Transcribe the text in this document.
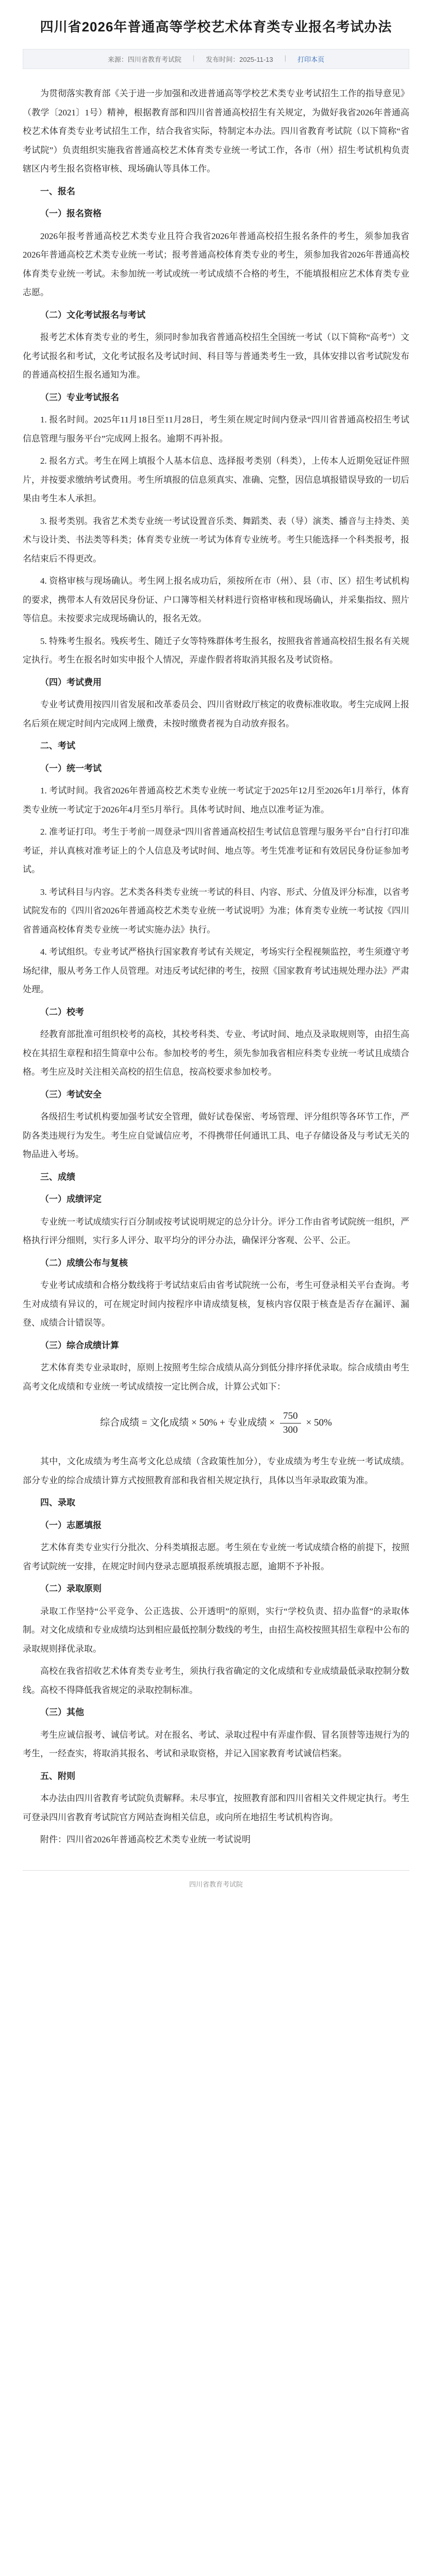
四川省2026年普通高等学校艺术体育类专业报名考试办法
来源：四川省教育考试院 | 发布时间：2025-11-13 | 打印本页

为贯彻落实教育部《关于进一步加强和改进普通高等学校艺术类专业考试招生工作的指导意见》（教学〔2021〕1号）精神，根据教育部和四川省普通高校招生有关规定，为做好我省2026年普通高校艺术体育类专业考试招生工作，结合我省实际，特制定本办法。四川省教育考试院（以下简称“省考试院”）负责组织实施我省普通高校艺术体育类专业统一考试工作，各市（州）招生考试机构负责辖区内考生报名资格审核、现场确认等具体工作。

一、报名

（一）报名资格

2026年报考普通高校艺术类专业且符合我省2026年普通高校招生报名条件的考生，须参加我省2026年普通高校艺术类专业统一考试；报考普通高校体育类专业的考生，须参加我省2026年普通高校体育类专业统一考试。未参加统一考试或统一考试成绩不合格的考生，不能填报相应艺术体育类专业志愿。

（二）文化考试报名与考试

报考艺术体育类专业的考生，须同时参加我省普通高校招生全国统一考试（以下简称“高考”）文化考试报名和考试，文化考试报名及考试时间、科目等与普通类考生一致，具体安排以省考试院发布的普通高校招生报名通知为准。

（三）专业考试报名

1. 报名时间。2025年11月18日至11月28日，考生须在规定时间内登录“四川省普通高校招生考试信息管理与服务平台”完成网上报名。逾期不再补报。

2. 报名方式。考生在网上填报个人基本信息、选择报考类别（科类），上传本人近期免冠证件照片，并按要求缴纳考试费用。考生所填报的信息须真实、准确、完整，因信息填报错误导致的一切后果由考生本人承担。

3. 报考类别。我省艺术类专业统一考试设置音乐类、舞蹈类、表（导）演类、播音与主持类、美术与设计类、书法类等科类；体育类专业统一考试为体育专业统考。考生只能选择一个科类报考，报名结束后不得更改。

4. 资格审核与现场确认。考生网上报名成功后，须按所在市（州）、县（市、区）招生考试机构的要求，携带本人有效居民身份证、户口簿等相关材料进行资格审核和现场确认，并采集指纹、照片等信息。未按要求完成现场确认的，报名无效。

5. 特殊考生报名。残疾考生、随迁子女等特殊群体考生报名，按照我省普通高校招生报名有关规定执行。考生在报名时如实申报个人情况，弄虚作假者将取消其报名及考试资格。

（四）考试费用

专业考试费用按四川省发展和改革委员会、四川省财政厅核定的收费标准收取。考生完成网上报名后须在规定时间内完成网上缴费，未按时缴费者视为自动放弃报名。

二、考试

（一）统一考试

1. 考试时间。我省2026年普通高校艺术类专业统一考试定于2025年12月至2026年1月举行，体育类专业统一考试定于2026年4月至5月举行。具体考试时间、地点以准考证为准。

2. 准考证打印。考生于考前一周登录“四川省普通高校招生考试信息管理与服务平台”自行打印准考证，并认真核对准考证上的个人信息及考试时间、地点等。考生凭准考证和有效居民身份证参加考试。

3. 考试科目与内容。艺术类各科类专业统一考试的科目、内容、形式、分值及评分标准，以省考试院发布的《四川省2026年普通高校艺术类专业统一考试说明》为准；体育类专业统一考试按《四川省普通高校体育类专业统一考试实施办法》执行。

4. 考试组织。专业考试严格执行国家教育考试有关规定，考场实行全程视频监控，考生须遵守考场纪律，服从考务工作人员管理。对违反考试纪律的考生，按照《国家教育考试违规处理办法》严肃处理。

（二）校考

经教育部批准可组织校考的高校，其校考科类、专业、考试时间、地点及录取规则等，由招生高校在其招生章程和招生简章中公布。参加校考的考生，须先参加我省相应科类专业统一考试且成绩合格。考生应及时关注相关高校的招生信息，按高校要求参加校考。

（三）考试安全

各级招生考试机构要加强考试安全管理，做好试卷保密、考场管理、评分组织等各环节工作，严防各类违规行为发生。考生应自觉诚信应考，不得携带任何通讯工具、电子存储设备及与考试无关的物品进入考场。

三、成绩

（一）成绩评定

专业统一考试成绩实行百分制或按考试说明规定的总分计分。评分工作由省考试院统一组织，严格执行评分细则，实行多人评分、取平均分的评分办法，确保评分客观、公平、公正。

（二）成绩公布与复核

专业考试成绩和合格分数线将于考试结束后由省考试院统一公布，考生可登录相关平台查询。考生对成绩有异议的，可在规定时间内按程序申请成绩复核，复核内容仅限于核查是否存在漏评、漏登、成绩合计错误等。

（三）综合成绩计算

艺术体育类专业录取时，原则上按照考生综合成绩从高分到低分排序择优录取。综合成绩由考生高考文化成绩和专业统一考试成绩按一定比例合成，计算公式如下：

综合成绩 = 文化成绩 × 50% + 专业成绩 × $\frac{750}{300} \times 50\%$

其中，文化成绩为考生高考文化总成绩（含政策性加分），专业成绩为考生专业统一考试成绩。部分专业的综合成绩计算方式按照教育部和我省相关规定执行，具体以当年录取政策为准。

四、录取

（一）志愿填报

艺术体育类专业实行分批次、分科类填报志愿。考生须在专业统一考试成绩合格的前提下，按照省考试院统一安排，在规定时间内登录志愿填报系统填报志愿，逾期不予补报。

（二）录取原则

录取工作坚持“公平竞争、公正选拔、公开透明”的原则，实行“学校负责、招办监督”的录取体制。对文化成绩和专业成绩均达到相应最低控制分数线的考生，由招生高校按照其招生章程中公布的录取规则择优录取。

高校在我省招收艺术体育类专业考生，须执行我省确定的文化成绩和专业成绩最低录取控制分数线。高校不得降低我省规定的录取控制标准。

（三）其他

考生应诚信报考、诚信考试。对在报名、考试、录取过程中有弄虚作假、冒名顶替等违规行为的考生，一经查实，将取消其报名、考试和录取资格，并记入国家教育考试诚信档案。

五、附则

本办法由四川省教育考试院负责解释。未尽事宜，按照教育部和四川省相关文件规定执行。考生可登录四川省教育考试院官方网站查询相关信息，或向所在地招生考试机构咨询。

附件：四川省2026年普通高校艺术类专业统一考试说明

四川省教育考试院
